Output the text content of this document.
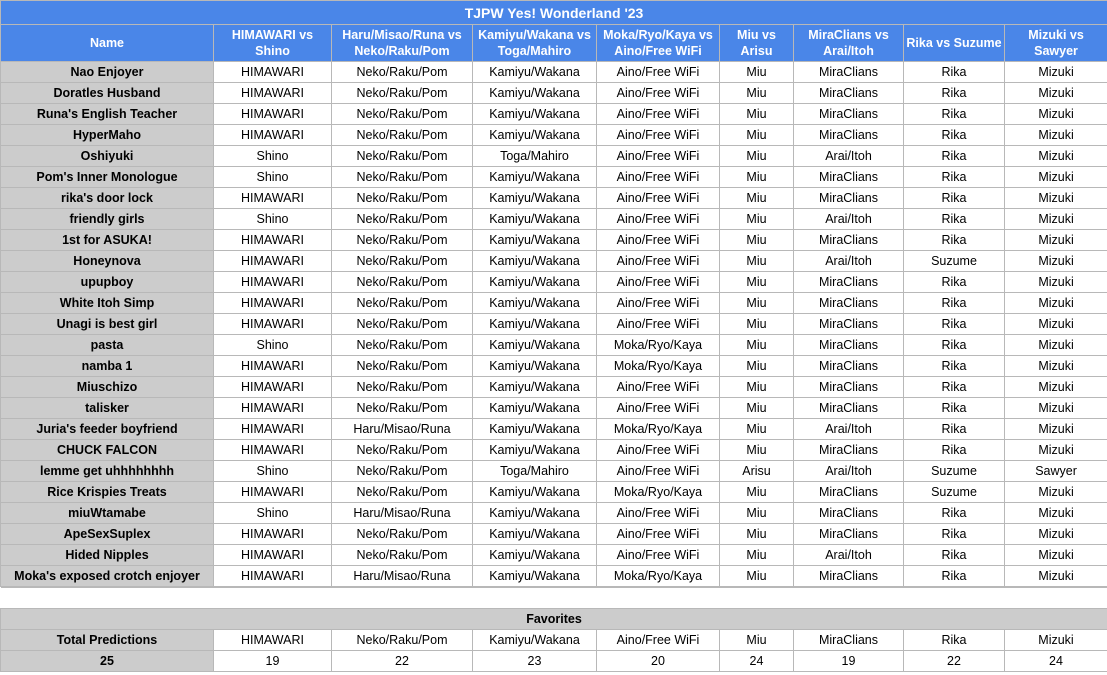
TJPW Yes! Wonderland '23								
Name	HIMAWARI vs Shino	Haru/Misao/Runa vs Neko/Raku/Pom	Kamiyu/Wakana vs Toga/Mahiro	Moka/Ryo/Kaya vs Aino/Free WiFi	Miu vs Arisu	MiraClians vs Arai/Itoh	Rika vs Suzume	Mizuki vs Sawyer
Nao Enjoyer	HIMAWARI	Neko/Raku/Pom	Kamiyu/Wakana	Aino/Free WiFi	Miu	MiraClians	Rika	Mizuki
Doratles Husband	HIMAWARI	Neko/Raku/Pom	Kamiyu/Wakana	Aino/Free WiFi	Miu	MiraClians	Rika	Mizuki
Runa's English Teacher	HIMAWARI	Neko/Raku/Pom	Kamiyu/Wakana	Aino/Free WiFi	Miu	MiraClians	Rika	Mizuki
HyperMaho	HIMAWARI	Neko/Raku/Pom	Kamiyu/Wakana	Aino/Free WiFi	Miu	MiraClians	Rika	Mizuki
Oshiyuki	Shino	Neko/Raku/Pom	Toga/Mahiro	Aino/Free WiFi	Miu	Arai/Itoh	Rika	Mizuki
Pom's Inner Monologue	Shino	Neko/Raku/Pom	Kamiyu/Wakana	Aino/Free WiFi	Miu	MiraClians	Rika	Mizuki
rika's door lock	HIMAWARI	Neko/Raku/Pom	Kamiyu/Wakana	Aino/Free WiFi	Miu	MiraClians	Rika	Mizuki
friendly girls	Shino	Neko/Raku/Pom	Kamiyu/Wakana	Aino/Free WiFi	Miu	Arai/Itoh	Rika	Mizuki
1st for ASUKA!	HIMAWARI	Neko/Raku/Pom	Kamiyu/Wakana	Aino/Free WiFi	Miu	MiraClians	Rika	Mizuki
Honeynova	HIMAWARI	Neko/Raku/Pom	Kamiyu/Wakana	Aino/Free WiFi	Miu	Arai/Itoh	Suzume	Mizuki
upupboy	HIMAWARI	Neko/Raku/Pom	Kamiyu/Wakana	Aino/Free WiFi	Miu	MiraClians	Rika	Mizuki
White Itoh Simp	HIMAWARI	Neko/Raku/Pom	Kamiyu/Wakana	Aino/Free WiFi	Miu	MiraClians	Rika	Mizuki
Unagi is best girl	HIMAWARI	Neko/Raku/Pom	Kamiyu/Wakana	Aino/Free WiFi	Miu	MiraClians	Rika	Mizuki
pasta	Shino	Neko/Raku/Pom	Kamiyu/Wakana	Moka/Ryo/Kaya	Miu	MiraClians	Rika	Mizuki
namba 1	HIMAWARI	Neko/Raku/Pom	Kamiyu/Wakana	Moka/Ryo/Kaya	Miu	MiraClians	Rika	Mizuki
Miuschizo	HIMAWARI	Neko/Raku/Pom	Kamiyu/Wakana	Aino/Free WiFi	Miu	MiraClians	Rika	Mizuki
talisker	HIMAWARI	Neko/Raku/Pom	Kamiyu/Wakana	Aino/Free WiFi	Miu	MiraClians	Rika	Mizuki
Juria's feeder boyfriend	HIMAWARI	Haru/Misao/Runa	Kamiyu/Wakana	Moka/Ryo/Kaya	Miu	Arai/Itoh	Rika	Mizuki
CHUCK FALCON	HIMAWARI	Neko/Raku/Pom	Kamiyu/Wakana	Aino/Free WiFi	Miu	MiraClians	Rika	Mizuki
lemme get uhhhhhhhh	Shino	Neko/Raku/Pom	Toga/Mahiro	Aino/Free WiFi	Arisu	Arai/Itoh	Suzume	Sawyer
Rice Krispies Treats	HIMAWARI	Neko/Raku/Pom	Kamiyu/Wakana	Moka/Ryo/Kaya	Miu	MiraClians	Suzume	Mizuki
miuWtamabe	Shino	Haru/Misao/Runa	Kamiyu/Wakana	Aino/Free WiFi	Miu	MiraClians	Rika	Mizuki
ApeSexSuplex	HIMAWARI	Neko/Raku/Pom	Kamiyu/Wakana	Aino/Free WiFi	Miu	MiraClians	Rika	Mizuki
Hided Nipples	HIMAWARI	Neko/Raku/Pom	Kamiyu/Wakana	Aino/Free WiFi	Miu	Arai/Itoh	Rika	Mizuki
Moka's exposed crotch enjoyer	HIMAWARI	Haru/Misao/Runa	Kamiyu/Wakana	Moka/Ryo/Kaya	Miu	MiraClians	Rika	Mizuki

Favorites								
Total Predictions	HIMAWARI	Neko/Raku/Pom	Kamiyu/Wakana	Aino/Free WiFi	Miu	MiraClians	Rika	Mizuki
25	19	22	23	20	24	19	22	24
